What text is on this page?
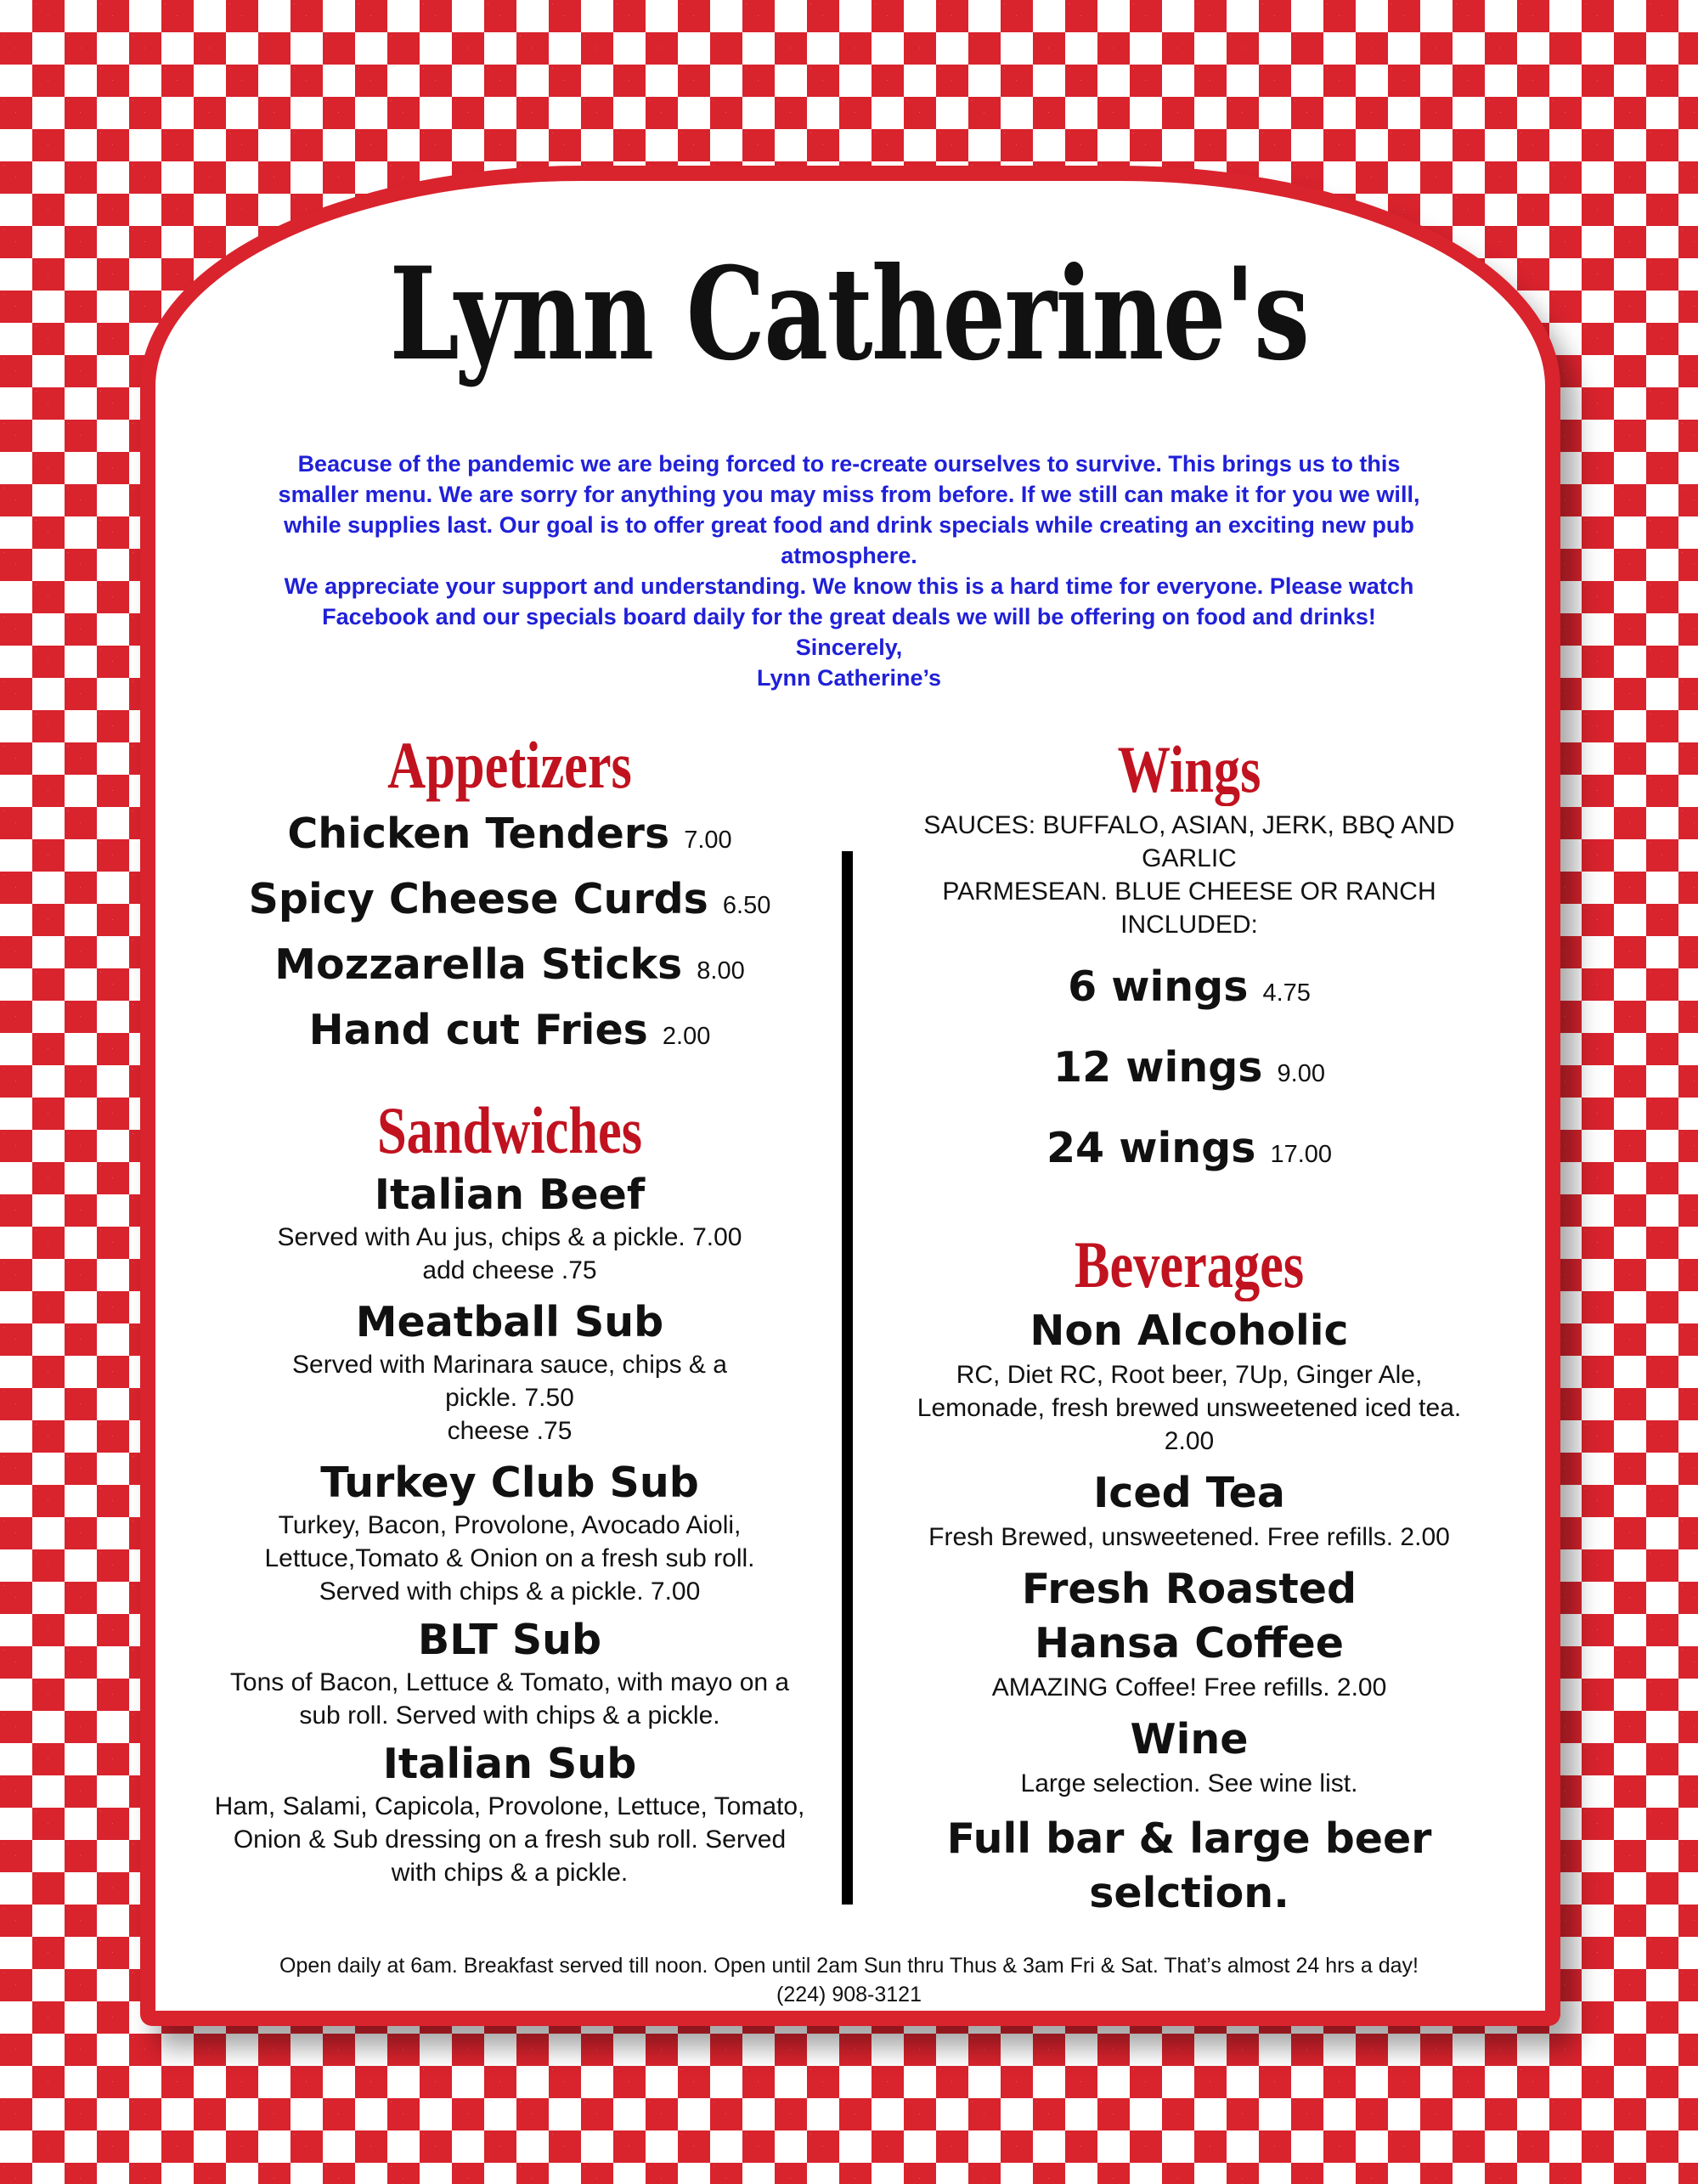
Lynn Catherine's

Beacuse of the pandemic we are being forced to re-create ourselves to survive. This brings us to this smaller menu. We are sorry for anything you may miss from before. If we still can make it for you we will, while supplies last. Our goal is to offer great food and drink specials while creating an exciting new pub atmosphere.

We appreciate your support and understanding. We know this is a hard time for everyone. Please watch Facebook and our specials board daily for the great deals we will be offering on food and drinks!

Sincerely,

Lynn Catherine’s

Appetizers
Chicken Tenders 7.00
Spicy Cheese Curds 6.50
Mozzarella Sticks 8.00
Hand cut Fries 2.00
Sandwiches

Italian Beef

Served with Au jus, chips & a pickle. 7.00

add cheese .75

Meatball Sub

Served with Marinara sauce, chips & a

pickle. 7.50

cheese .75

Turkey Club Sub

Turkey, Bacon, Provolone, Avocado Aioli,

Lettuce,Tomato & Onion on a fresh sub roll.

Served with chips & a pickle. 7.00

BLT Sub

Tons of Bacon, Lettuce & Tomato, with mayo on a

sub roll. Served with chips & a pickle.

Italian Sub

Ham, Salami, Capicola, Provolone, Lettuce, Tomato,

Onion & Sub dressing on a fresh sub roll. Served

with chips & a pickle.

Wings

SAUCES: BUFFALO, ASIAN, JERK, BBQ AND

GARLIC

PARMESEAN. BLUE CHEESE OR RANCH

INCLUDED:

6 wings 4.75
12 wings 9.00
24 wings 17.00
Beverages

Non Alcoholic

RC, Diet RC, Root beer, 7Up, Ginger Ale,

Lemonade, fresh brewed unsweetened iced tea.

2.00

Iced Tea

Fresh Brewed, unsweetened. Free refills. 2.00

Fresh Roasted Hansa Coffee

AMAZING Coffee! Free refills. 2.00

Wine

Large selection. See wine list.

Full bar & large beer selction.

Open daily at 6am. Breakfast served till noon. Open until 2am Sun thru Thus & 3am Fri & Sat. That’s almost 24 hrs a day!
(224) 908-3121
